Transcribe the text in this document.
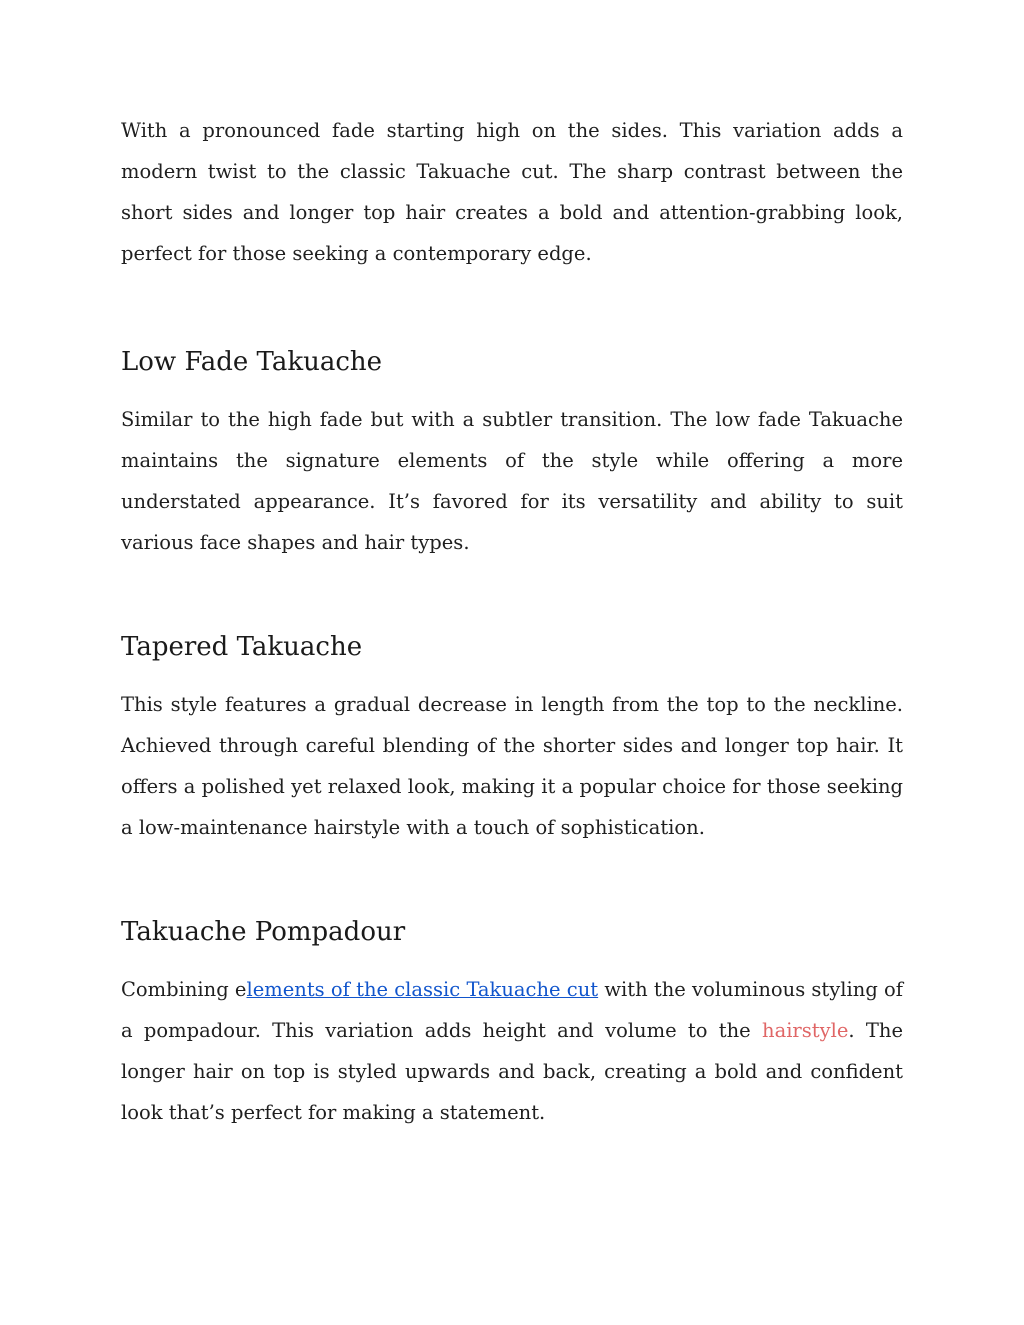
With a pronounced fade starting high on the sides. This variation adds a modern twist to the classic Takuache cut. The sharp contrast between the short sides and longer top hair creates a bold and attention-grabbing look, perfect for those seeking a contemporary edge.

Low Fade Takuache

Similar to the high fade but with a subtler transition. The low fade Takuache maintains the signature elements of the style while offering a more understated appearance. It’s favored for its versatility and ability to suit various face shapes and hair types.

Tapered Takuache

This style features a gradual decrease in length from the top to the neckline. Achieved through careful blending of the shorter sides and longer top hair. It offers a polished yet relaxed look, making it a popular choice for those seeking a low-maintenance hairstyle with a touch of sophistication.

Takuache Pompadour

Combining elements of the classic Takuache cut with the voluminous styling of a pompadour. This variation adds height and volume to the hairstyle. The longer hair on top is styled upwards and back, creating a bold and confident look that’s perfect for making a statement.
